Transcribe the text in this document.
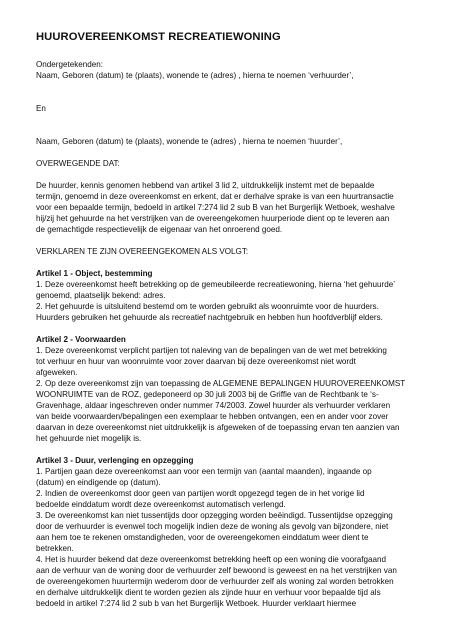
HUUROVEREENKOMST RECREATIEWONING
Ondergetekenden:
Naam, Geboren (datum) te (plaats), wonende te (adres) , hierna te noemen ‘verhuurder’,
En
Naam, Geboren (datum) te (plaats), wonende te (adres) , hierna te noemen ‘huurder’,
OVERWEGENDE DAT:
De huurder, kennis genomen hebbend van artikel 3 lid 2, uitdrukkelijk instemt met de bepaalde
termijn, genoemd in deze overeenkomst en erkent, dat er derhalve sprake is van een huurtransactie
voor een bepaalde termijn, bedoeld in artikel 7:274 lid 2 sub B van het Burgerlijk Wetboek, weshalve
hij/zij het gehuurde na het verstrijken van de overeengekomen huurperiode dient op te leveren aan
de gemachtigde respectievelijk de eigenaar van het onroerend goed.
VERKLAREN TE ZIJN OVEREENGEKOMEN ALS VOLGT:
Artikel 1 - Object, bestemming
1. Deze overeenkomst heeft betrekking op de gemeubileerde recreatiewoning, hierna ‘het gehuurde’
genoemd, plaatselijk bekend: adres.
2. Het gehuurde is uitsluitend bestemd om te worden gebruikt als woonruimte voor de huurders.
Huurders gebruiken het gehuurde als recreatief nachtgebruik en hebben hun hoofdverblijf elders.
Artikel 2 - Voorwaarden
1. Deze overeenkomst verplicht partijen tot naleving van de bepalingen van de wet met betrekking
tot verhuur en huur van woonruimte voor zover daarvan bij deze overeenkomst niet wordt
afgeweken.
2. Op deze overeenkomst zijn van toepassing de ALGEMENE BEPALINGEN HUUROVEREENKOMST
WOONRUIMTE van de ROZ, gedeponeerd op 30 juli 2003 bij de Griffie van de Rechtbank te ‘s-
Gravenhage, aldaar ingeschreven onder nummer 74/2003. Zowel huurder als verhuurder verklaren
van beide voorwaarden/bepalingen een exemplaar te hebben ontvangen, een en ander voor zover
daarvan in deze overeenkomst niet uitdrukkelijk is afgeweken of de toepassing ervan ten aanzien van
het gehuurde niet mogelijk is.
Artikel 3 - Duur, verlenging en opzegging
1. Partijen gaan deze overeenkomst aan voor een termijn van (aantal maanden), ingaande op
(datum) en eindigende op (datum).
2. Indien de overeenkomst door geen van partijen wordt opgezegd tegen de in het vorige lid
bedoelde einddatum wordt deze overeenkomst automatisch verlengd.
3. De overeenkomst kan niet tussentijds door opzegging worden beëindigd. Tussentijdse opzegging
door de verhuurder is evenwel toch mogelijk indien deze de woning als gevolg van bijzondere, niet
aan hem toe te rekenen omstandigheden, voor de overeengekomen einddatum weer dient te
betrekken.
4. Het is huurder bekend dat deze overeenkomst betrekking heeft op een woning die voorafgaand
aan de verhuur van de woning door de verhuurder zelf bewoond is geweest en na het verstrijken van
de overeengekomen huurtermijn wederom door de verhuurder zelf als woning zal worden betrokken
en derhalve uitdrukkelijk dient te worden gezien als zijnde huur en verhuur voor bepaalde tijd als
bedoeld in artikel 7:274 lid 2 sub b van het Burgerlijk Wetboek. Huurder verklaart hiermee
